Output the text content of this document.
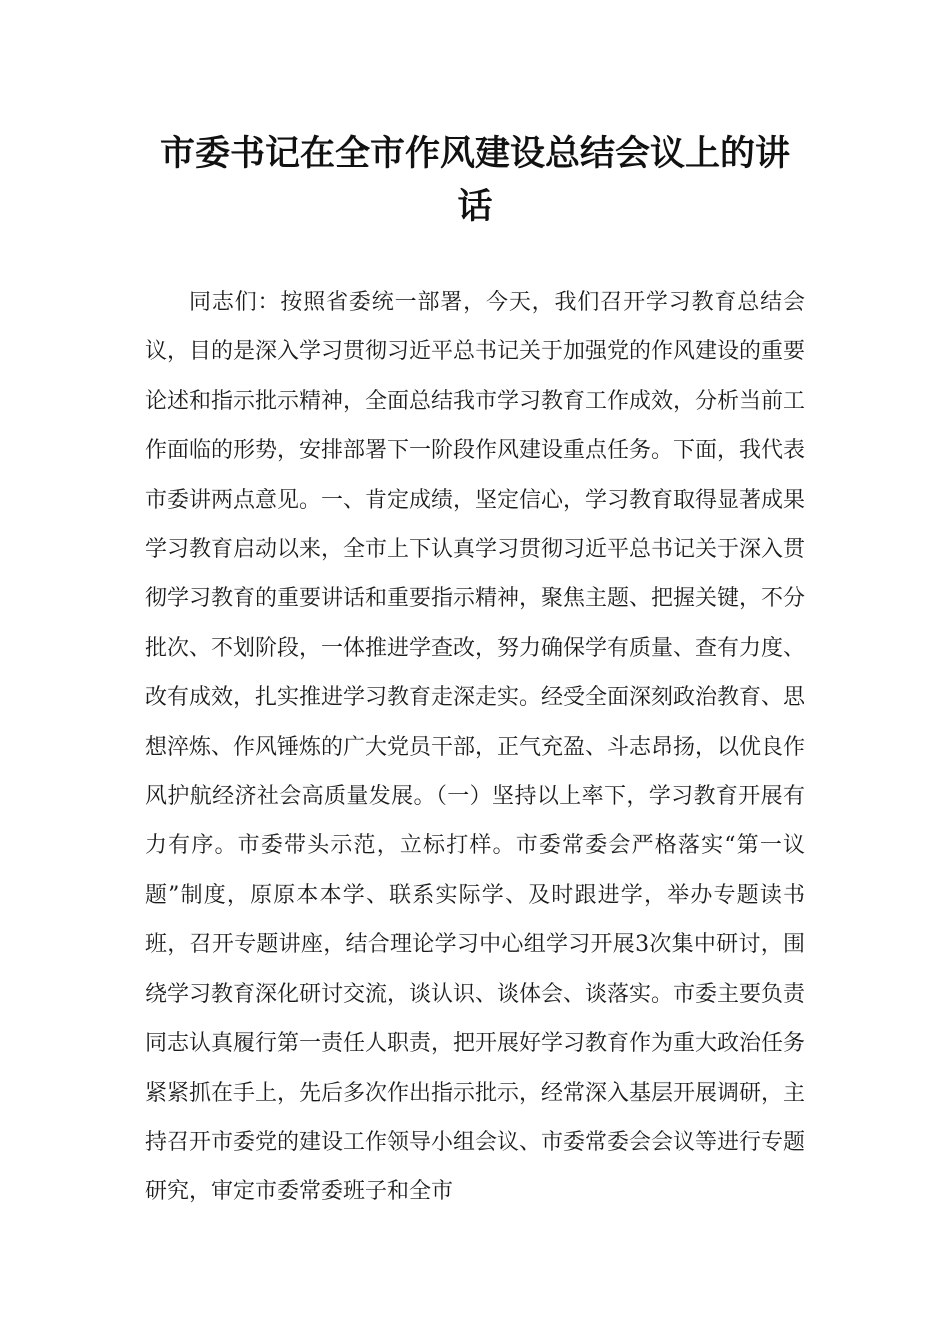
市委书记在全市作风建设总结会议上的讲话

同志们：按照省委统一部署，今天，我们召开学习教育总结会议，目的是深入学习贯彻习近平总书记关于加强党的作风建设的重要论述和指示批示精神，全面总结我市学习教育工作成效，分析当前工作面临的形势，安排部署下一阶段作风建设重点任务。下面，我代表市委讲两点意见。一、肯定成绩，坚定信心，学习教育取得显著成果学习教育启动以来，全市上下认真学习贯彻习近平总书记关于深入贯彻学习教育的重要讲话和重要指示精神，聚焦主题、把握关键，不分批次、不划阶段，一体推进学查改，努力确保学有质量、查有力度、改有成效，扎实推进学习教育走深走实。经受全面深刻政治教育、思想淬炼、作风锤炼的广大党员干部，正气充盈、斗志昂扬，以优良作风护航经济社会高质量发展。（一）坚持以上率下，学习教育开展有力有序。市委带头示范，立标打样。市委常委会严格落实“第一议题”制度，原原本本学、联系实际学、及时跟进学，举办专题读书班，召开专题讲座，结合理论学习中心组学习开展3次集中研讨，围绕学习教育深化研讨交流，谈认识、谈体会、谈落实。市委主要负责同志认真履行第一责任人职责，把开展好学习教育作为重大政治任务紧紧抓在手上，先后多次作出指示批示，经常深入基层开展调研，主持召开市委党的建设工作领导小组会议、市委常委会会议等进行专题研究，审定市委常委班子和全市
